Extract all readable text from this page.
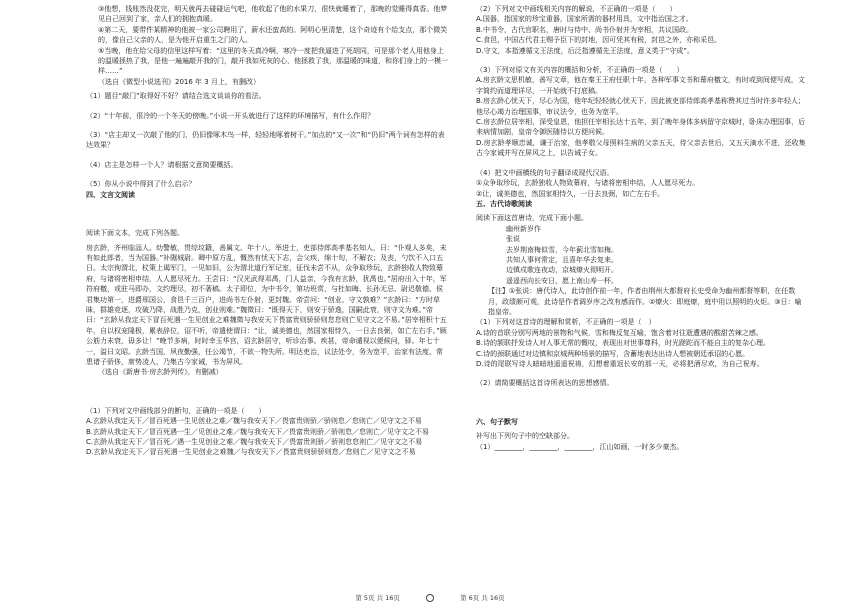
③他想，钱账然没花完，明天就再去碰碰运气吧，他收起了他的水果刀，很快就睡着了，那晚的觉睡得真香。他梦见自己回到了家，亲人们的拥抱真暖。

④第二天，要带件某精神的他被一家公司聘用了，薪水还蛮高的。阿明心里清楚，这个奇迹有个给支点，那个微笑的，像自己父亲的人，是为他开启重生之门的人。

⑤当晚，他在给父母的信里这样写着：“这里的冬天真冷啊，寒冷一度把我逼进了死胡同，可是那个老人用他身上的温暖拯热了我，是他一遍遍敲开我的门，敲开我如死灰的心，他拯救了我，那温暖的味道，和你们身上的一模一样……”

（选自《微型小说选刊》2016 年 3 月上，有删改）

（1）题目“敲门”取得好不好？请结合选文谈谈你的看法。

（2）“十年前，很冷的一个冬天的傍晚。”小说一开头就进行了这样的环境描写，有什么作用？

（3）“店主却又一次敲了他的门，仍旧像啄木鸟一样，轻轻地啄着树干。”加点的“又一次”和“仍旧”两个词有怎样的表达效果？

（4）店主是怎样一个人？请根据文意简要概括。

（5）你从小说中得到了什么启示？

四、文言文阅读

阅读下面文本，完成下列各题。

房玄龄，齐州临淄人。幼警敏，贯综坟籍，善属文。年十八，举进士，吏部侍郎高孝基名知人，曰：“仆观人多矣，未有如此郎者，当为国器。”补隰城尉。卿中原方乱，慨然有忧天下志，会父疾，绵十旬，不解衣；及丧，勺饮不入口五日。太宗徇渭北，杖策上谒军门，一见如旧，公为渭北道行军记室，征伐未尝不从，众争取珍玩，玄龄独收人物致幕府，与诸将密相申结，人人愿尽死力。王尝曰：“汉光武得邓禹，门人益亲，今我有玄龄，犹禹也。”居府出入十年，军符府檄，或驻马即办，文约理尽，初不著稿。太子即位，为中书令，第功班赏，与杜如晦、长孙无忌、尉迟敬德、侯君集功第一，进爵邢国公，食邑千三百户，进尚书左仆射，更封魏。帝尝问：“创业、守文孰难？”玄龄曰：“方时草昧，群雄竞逐，攻破乃降，战胜乃克，创业则难。”魏徵曰：“既得天下，则安于骄逸，国嗣此衰，则守文为难。”帝曰：“玄龄从我定天下冒百死遇一生见创业之难魏徵与我安天下畏富贵则骄骄则怠怠则亡见守文之不易。”居宰相积十五年，自以权宠隆极，累表辞位，诏不听，帝遣使谓曰：“让，诚美德也，然国家相恃久，一日去良弼，如亡左右手。”顾公筋力未衰，毋多让！”晚节多病，时时幸玉华宫，诏玄龄居守，听诊治事。疾甚，帝命谴视以便候问，驿。年七十一，溢曰文昭。玄龄当国，夙夜勤强，任公竭节，不欲一物失所。明达吏治，议法处令，务为宽平，治家有法度，常患诸子骄侈，席势凌人，乃集古今家诫，书为屏风。

（选自《新唐书·房玄龄列传》，有删减）

（1）下列对文中画线部分的断句，正确的一项是（　　）

A.玄龄从我定天下／冒百死遇一生见创业之难／魏与我安天下／畏富贵则骄／骄则怠／怠则亡／见守文之不易

B.玄龄从我定天下／冒百死遇一生／见创业之难／魏与我安天下／畏富贵则骄／骄则怠／怠则亡／见守文之不易

C.玄龄从我定天下／冒百死／遇一生见创业之难／魏与我安天下／畏富贵则骄／骄则怠怠则亡／见守文之不易

D.玄龄从我定天下／冒百死遇一生见创业之难魏／与我安天下／畏富贵则骄骄则怠／怠则亡／见守文之不易

（2）下列对文中画线相关内容的解说，不正确的一项是（　　）

A.国器，指国家的珍宝重器，国家所需的器材用具，文中指治国之才。

B.中书令，古代官职名，唐时与侍中、尚书仆射并为宰相，共议国政。

C.食邑，中国古代君主赐予臣下的封地，因可凭其有税，封邑之外，亦称采邑。

D.守文，本指遵循文王法度，后泛指遵循先王法度，意义类于“守成”。

（3）下列对原文有关内容的概括和分析，不正确的一项是（　　）

A.房玄龄文思机敏，善写文章，他在秦王王府任职十年，各种军事文书和幕府檄文，有时或到间便写成，文字简约而道理详尽，一开始就不打底稿。

B.房玄龄心忧天下，尽心为国，他年纪轻轻就心忧天下，因此被吏部侍郎高孝基称赞其过当时许多年轻人；他尽心竭力治理国事，审议法令，也务为宽平。

C.房玄龄位居宰相，深受皇恩，他担任宰相长达十五年，到了晚年身体多病留守京城时，卧床办理国事，后来病情加剧，皇帝令御医随侍以方便问候。

D.房玄龄孝顺忠诚，谦于治家，他孝敬父母照料生病的父亲五天，待父亲去世后，又五天滴水不进，还收集古今家诫并写在屏风之上，以告诫子女。

（4）把文中画横线的句子翻译成现代汉语。

①众争取珍玩，玄龄独收人物致幕府，与诸将密相申结，人人愿尽死力。

②让，诚美德也，然国家相恃久，一日去良弼，如亡左右手。

五、古代诗歌阅读

阅读下面这首唐诗，完成下面小题。

幽州新岁作

张说

去岁荆南梅似雪，今年蓟北雪如梅。

共知人事何常定，且喜年华去复来。

边镇戍歌连夜动，京城燎火彻明开。

遥遥西向长安日，愿上南山寿一杯。

【注】①张说：唐代诗人，此诗创作前一年，作者由荆州大都督府长史受命为幽州都督等职，在任数月，政绩颇可观，此诗是作者调岁序之改有感而作。②燎火：即庭燎，庭中用以照明的火炬。③日：喻指皇帝。

（1）下列对这首诗的理解和赏析，不正确的一项是（　）

A.诗的首联分别写两地的景物和气候，雪和梅反复互喻，饱含着对往逝遭遇的酸甜苦辣之感。

B.诗的颔联抒发诗人对人事无常的慨叹，表现出对世事尊科，时光蹉跎而不能自主的复杂心理。

C.诗的颈联通过对边镇和京城两种场景的描写，含蓄地表达出诗人想被朝廷承诏的心愿。

D.诗的尾联写诗人暗暗地遥遥祝祷，幻想着重返长安的那一天，必将把酒尽欢，为自己祝寿。

（2）请简要概括这首诗所表达的思想感情。

六、句子默写

补写出下列句子中的空缺部分。

（1）________，________，________，江山如画，一时多少豪杰。

第 5页 共 16页	第 6页 共 16页
